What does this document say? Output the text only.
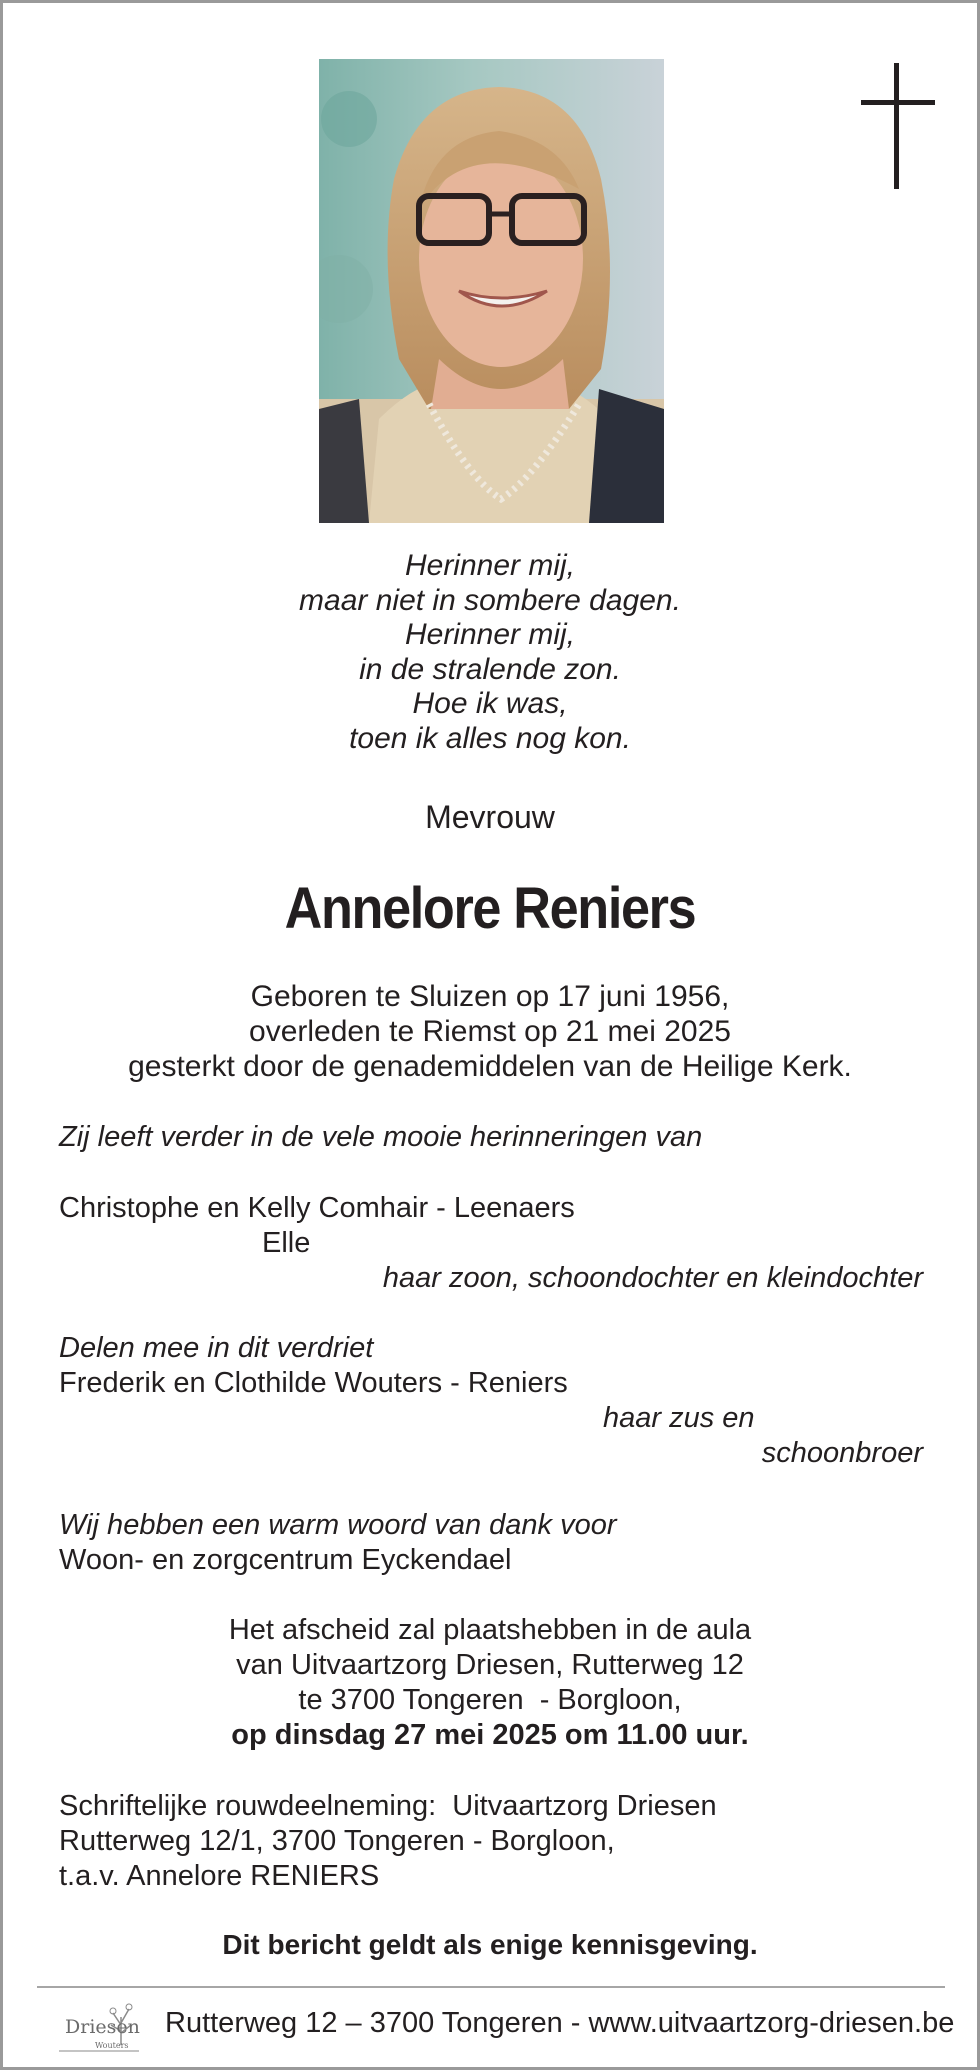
Herinner mij,
maar niet in sombere dagen.
Herinner mij,
in de stralende zon.
Hoe ik was,
toen ik alles nog kon.
Mevrouw
Annelore Reniers
Geboren te Sluizen op 17 juni 1956,
overleden te Riemst op 21 mei 2025
gesterkt door de genademiddelen van de Heilige Kerk.
Zij leeft verder in de vele mooie herinneringen van
Christophe en Kelly Comhair - Leenaers
Elle
haar zoon, schoondochter en kleindochter
Delen mee in dit verdriet
Frederik en Clothilde Wouters - Reniers
haar zus en
schoonbroer
Wij hebben een warm woord van dank voor
Woon- en zorgcentrum Eyckendael
Het afscheid zal plaatshebben in de aula
van Uitvaartzorg Driesen, Rutterweg 12
te 3700 Tongeren  - Borgloon,
op dinsdag 27 mei 2025 om 11.00 uur.
Schriftelijke rouwdeelneming:  Uitvaartzorg Driesen
Rutterweg 12/1, 3700 Tongeren - Borgloon,
t.a.v. Annelore RENIERS
Dit bericht geldt als enige kennisgeving.
Driesen
Wouters
Rutterweg 12 – 3700 Tongeren - www.uitvaartzorg-driesen.be
